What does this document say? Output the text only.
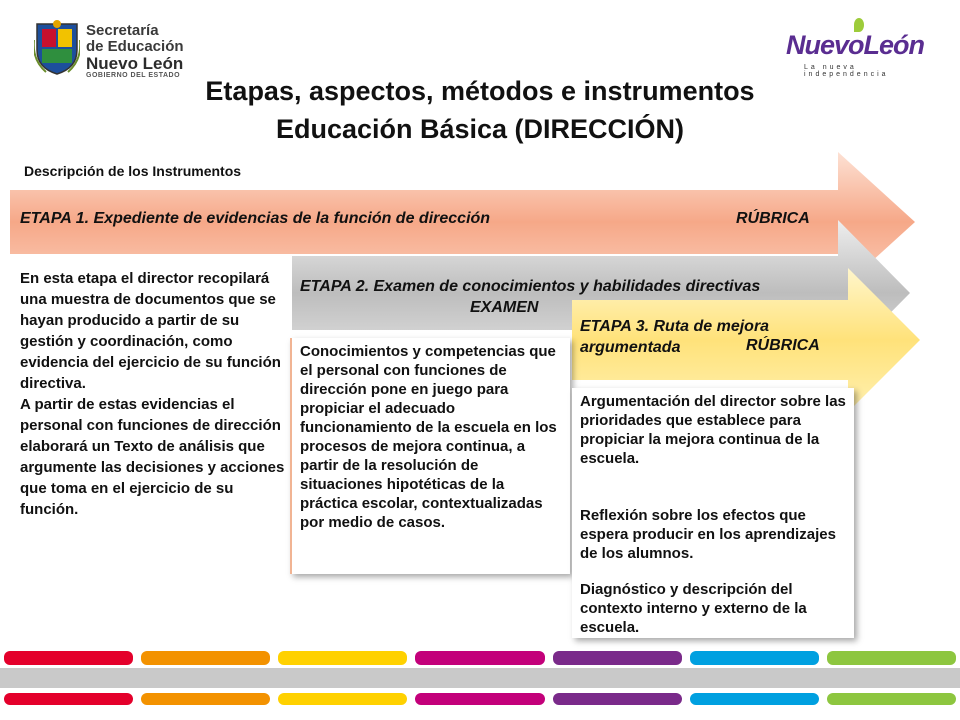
Secretaría
de Educación
Nuevo León
GOBIERNO DEL ESTADO
NuevoLeón
La nueva independencia
Etapas, aspectos, métodos e instrumentos
Educación Básica (DIRECCIÓN)
Descripción de los Instrumentos
ETAPA 1. Expediente de evidencias de la función de dirección	RÚBRICA
ETAPA 2. Examen de conocimientos y habilidades directivas
EXAMEN
ETAPA 3. Ruta de mejora argumentada	RÚBRICA
En esta etapa el director recopilará una muestra de documentos que se hayan producido a partir de su gestión y coordinación, como evidencia del ejercicio de su función directiva.
A partir de estas evidencias el personal con funciones de dirección elaborará un Texto de análisis que argumente las decisiones y acciones que toma en el ejercicio de su función.
Conocimientos y competencias que el personal con funciones de dirección pone en juego para propiciar el adecuado funcionamiento de la escuela en los procesos de mejora continua, a partir de la resolución de situaciones hipotéticas de la práctica escolar, contextualizadas por medio de casos.
Argumentación del director sobre las prioridades que establece para propiciar la mejora continua de la escuela.
Reflexión sobre los efectos que espera producir en los aprendizajes de los alumnos.
Diagnóstico y descripción del contexto interno y externo de la escuela.
